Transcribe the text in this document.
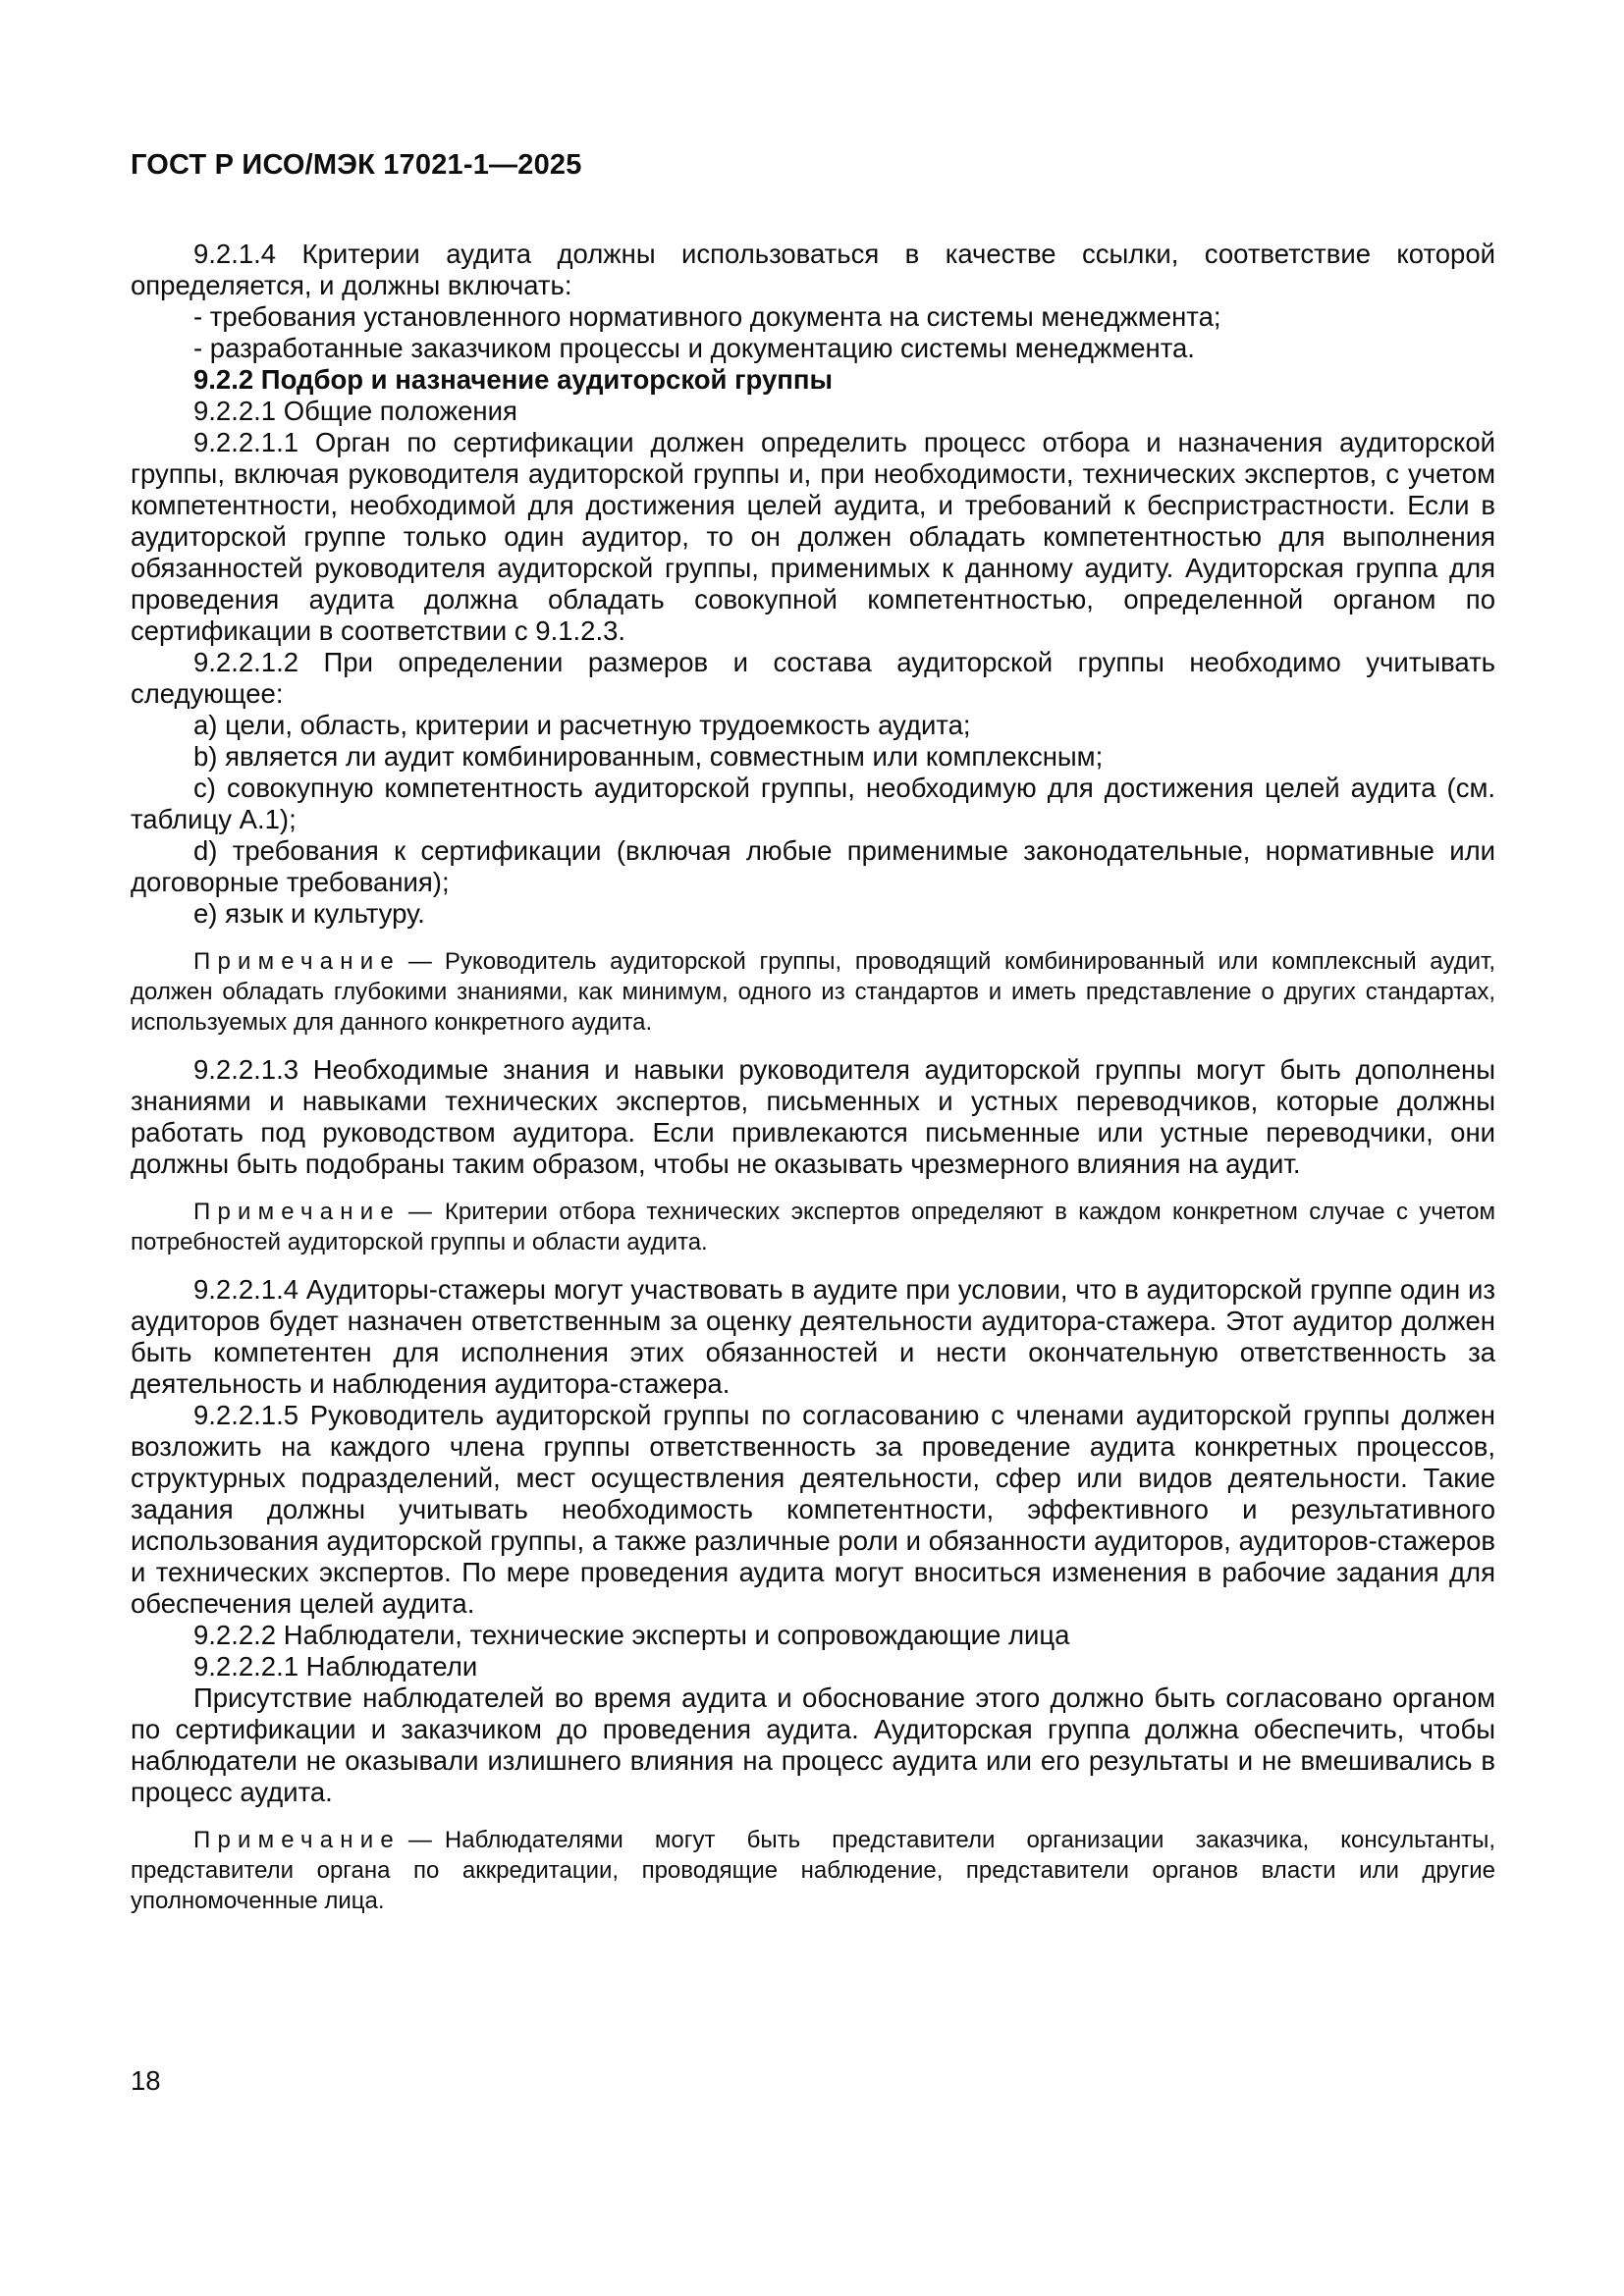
ГОСТ Р ИСО/МЭК 17021-1—2025

9.2.1.4 Критерии аудита должны использоваться в качестве ссылки, соответствие которой определяется, и должны включать:

- требования установленного нормативного документа на системы менеджмента;

- разработанные заказчиком процессы и документацию системы менеджмента.

9.2.2 Подбор и назначение аудиторской группы

9.2.2.1 Общие положения

9.2.2.1.1 Орган по сертификации должен определить процесс отбора и назначения аудиторской группы, включая руководителя аудиторской группы и, при необходимости, технических экспертов, с учетом компетентности, необходимой для достижения целей аудита, и требований к беспристрастности. Если в аудиторской группе только один аудитор, то он должен обладать компетентностью для выполнения обязанностей руководителя аудиторской группы, применимых к данному аудиту. Аудиторская группа для проведения аудита должна обладать совокупной компетентностью, определенной органом по сертификации в соответствии с 9.1.2.3.

9.2.2.1.2 При определении размеров и состава аудиторской группы необходимо учитывать следующее:

a) цели, область, критерии и расчетную трудоемкость аудита;

b) является ли аудит комбинированным, совместным или комплексным;

c) совокупную компетентность аудиторской группы, необходимую для достижения целей аудита (см. таблицу А.1);

d) требования к сертификации (включая любые применимые законодательные, нормативные или договорные требования);

e) язык и культуру.

Примечание — Руководитель аудиторской группы, проводящий комбинированный или комплексный аудит, должен обладать глубокими знаниями, как минимум, одного из стандартов и иметь представление о других стандартах, используемых для данного конкретного аудита.

9.2.2.1.3 Необходимые знания и навыки руководителя аудиторской группы могут быть дополнены знаниями и навыками технических экспертов, письменных и устных переводчиков, которые должны работать под руководством аудитора. Если привлекаются письменные или устные переводчики, они должны быть подобраны таким образом, чтобы не оказывать чрезмерного влияния на аудит.

Примечание — Критерии отбора технических экспертов определяют в каждом конкретном случае с учетом потребностей аудиторской группы и области аудита.

9.2.2.1.4 Аудиторы-стажеры могут участвовать в аудите при условии, что в аудиторской группе один из аудиторов будет назначен ответственным за оценку деятельности аудитора-стажера. Этот аудитор должен быть компетентен для исполнения этих обязанностей и нести окончательную ответственность за деятельность и наблюдения аудитора-стажера.

9.2.2.1.5 Руководитель аудиторской группы по согласованию с членами аудиторской группы должен возложить на каждого члена группы ответственность за проведение аудита конкретных процессов, структурных подразделений, мест осуществления деятельности, сфер или видов деятельности. Такие задания должны учитывать необходимость компетентности, эффективного и результативного использования аудиторской группы, а также различные роли и обязанности аудиторов, аудиторов-стажеров и технических экспертов. По мере проведения аудита могут вноситься изменения в рабочие задания для обеспечения целей аудита.

9.2.2.2 Наблюдатели, технические эксперты и сопровождающие лица

9.2.2.2.1 Наблюдатели

Присутствие наблюдателей во время аудита и обоснование этого должно быть согласовано органом по сертификации и заказчиком до проведения аудита. Аудиторская группа должна обеспечить, чтобы наблюдатели не оказывали излишнего влияния на процесс аудита или его результаты и не вмешивались в процесс аудита.

Примечание — Наблюдателями могут быть представители организации заказчика, консультанты, представители органа по аккредитации, проводящие наблюдение, представители органов власти или другие уполномоченные лица.

18
